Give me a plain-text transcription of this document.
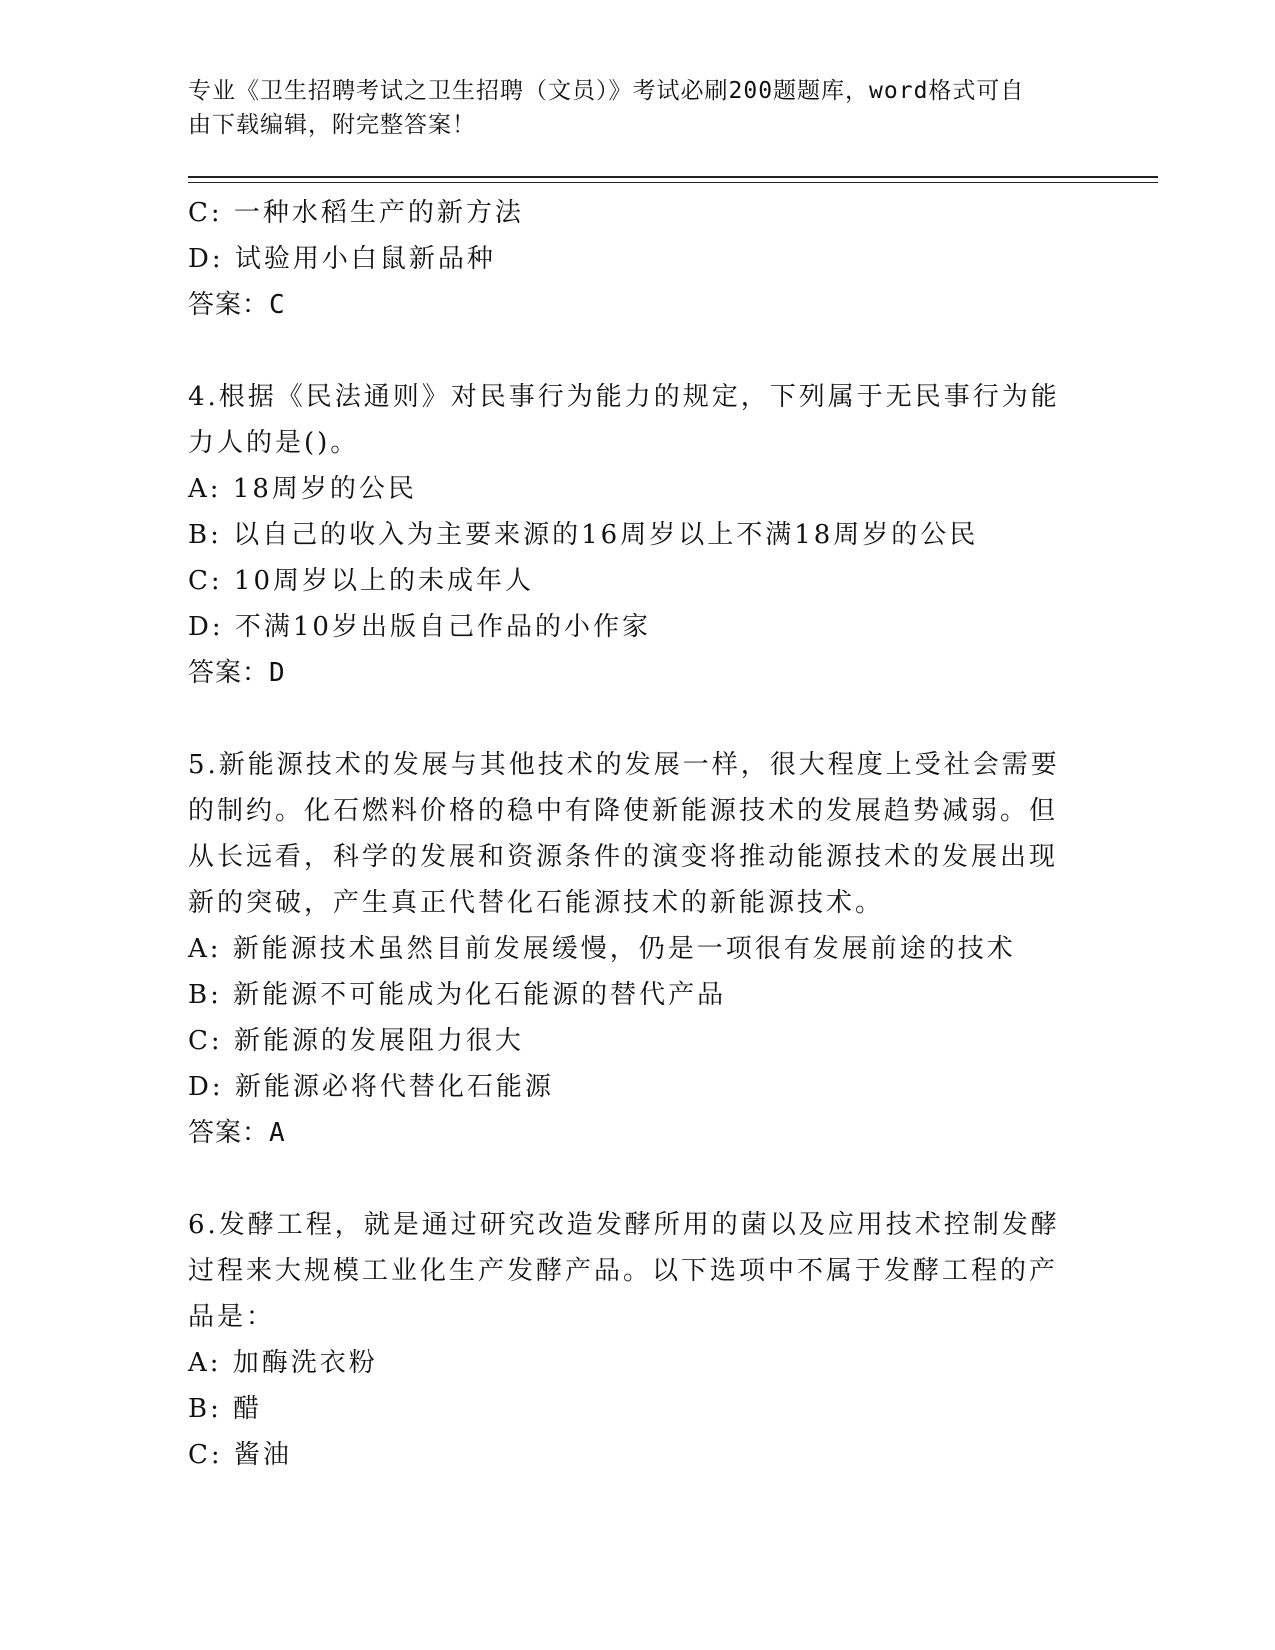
专业《卫生招聘考试之卫生招聘（文员）》考试必刷200题题库，word格式可自
由下载编辑，附完整答案！
C: 一种水稻生产的新方法
D: 试验用小白鼠新品种
答案：C
4.根据《民法通则》对民事行为能力的规定，下列属于无民事行为能
力人的是()。
A: 18周岁的公民
B: 以自己的收入为主要来源的16周岁以上不满18周岁的公民
C: 10周岁以上的未成年人
D: 不满10岁出版自己作品的小作家
答案：D
5.新能源技术的发展与其他技术的发展一样，很大程度上受社会需要
的制约。化石燃料价格的稳中有降使新能源技术的发展趋势减弱。但
从长远看，科学的发展和资源条件的演变将推动能源技术的发展出现
新的突破，产生真正代替化石能源技术的新能源技术。
A: 新能源技术虽然目前发展缓慢，仍是一项很有发展前途的技术
B: 新能源不可能成为化石能源的替代产品
C: 新能源的发展阻力很大
D: 新能源必将代替化石能源
答案：A
6.发酵工程，就是通过研究改造发酵所用的菌以及应用技术控制发酵
过程来大规模工业化生产发酵产品。以下选项中不属于发酵工程的产
品是：
A: 加酶洗衣粉
B: 醋
C: 酱油
